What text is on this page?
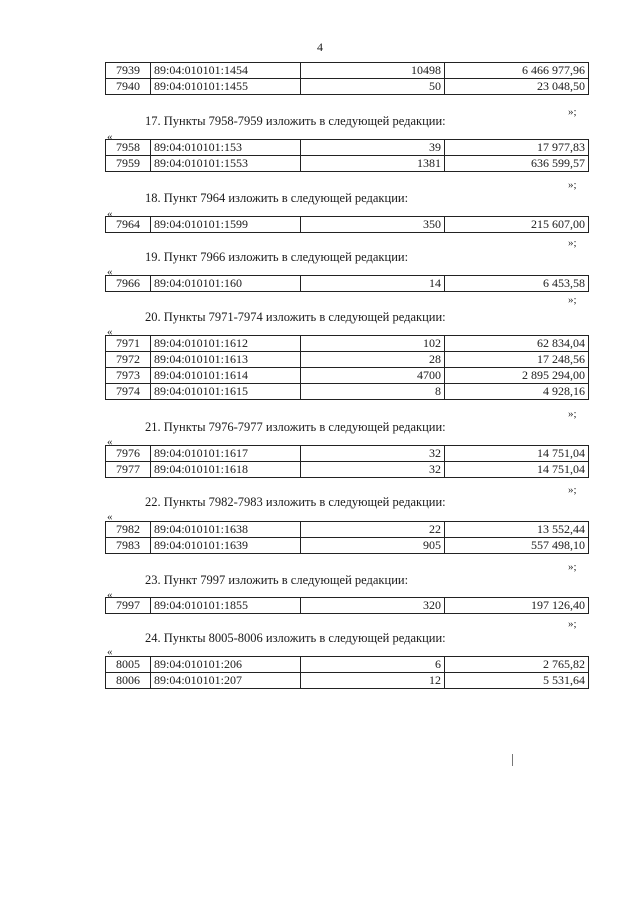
4
7939	89:04:010101:1454	10498	6 466 977,96
7940	89:04:010101:1455	50	23 048,50
»;
17. Пункты 7958-7959 изложить в следующей редакции:
«
7958	89:04:010101:153	39	17 977,83
7959	89:04:010101:1553	1381	636 599,57
»;
18. Пункт 7964 изложить в следующей редакции:
«
7964	89:04:010101:1599	350	215 607,00
»;
19. Пункт 7966 изложить в следующей редакции:
«
7966	89:04:010101:160	14	6 453,58
»;
20. Пункты 7971-7974 изложить в следующей редакции:
«
7971	89:04:010101:1612	102	62 834,04
7972	89:04:010101:1613	28	17 248,56
7973	89:04:010101:1614	4700	2 895 294,00
7974	89:04:010101:1615	8	4 928,16
»;
21. Пункты 7976-7977 изложить в следующей редакции:
«
7976	89:04:010101:1617	32	14 751,04
7977	89:04:010101:1618	32	14 751,04
»;
22. Пункты 7982-7983 изложить в следующей редакции:
«
7982	89:04:010101:1638	22	13 552,44
7983	89:04:010101:1639	905	557 498,10
»;
23. Пункт 7997 изложить в следующей редакции:
«
7997	89:04:010101:1855	320	197 126,40
»;
24. Пункты 8005-8006 изложить в следующей редакции:
«
8005	89:04:010101:206	6	2 765,82
8006	89:04:010101:207	12	5 531,64
